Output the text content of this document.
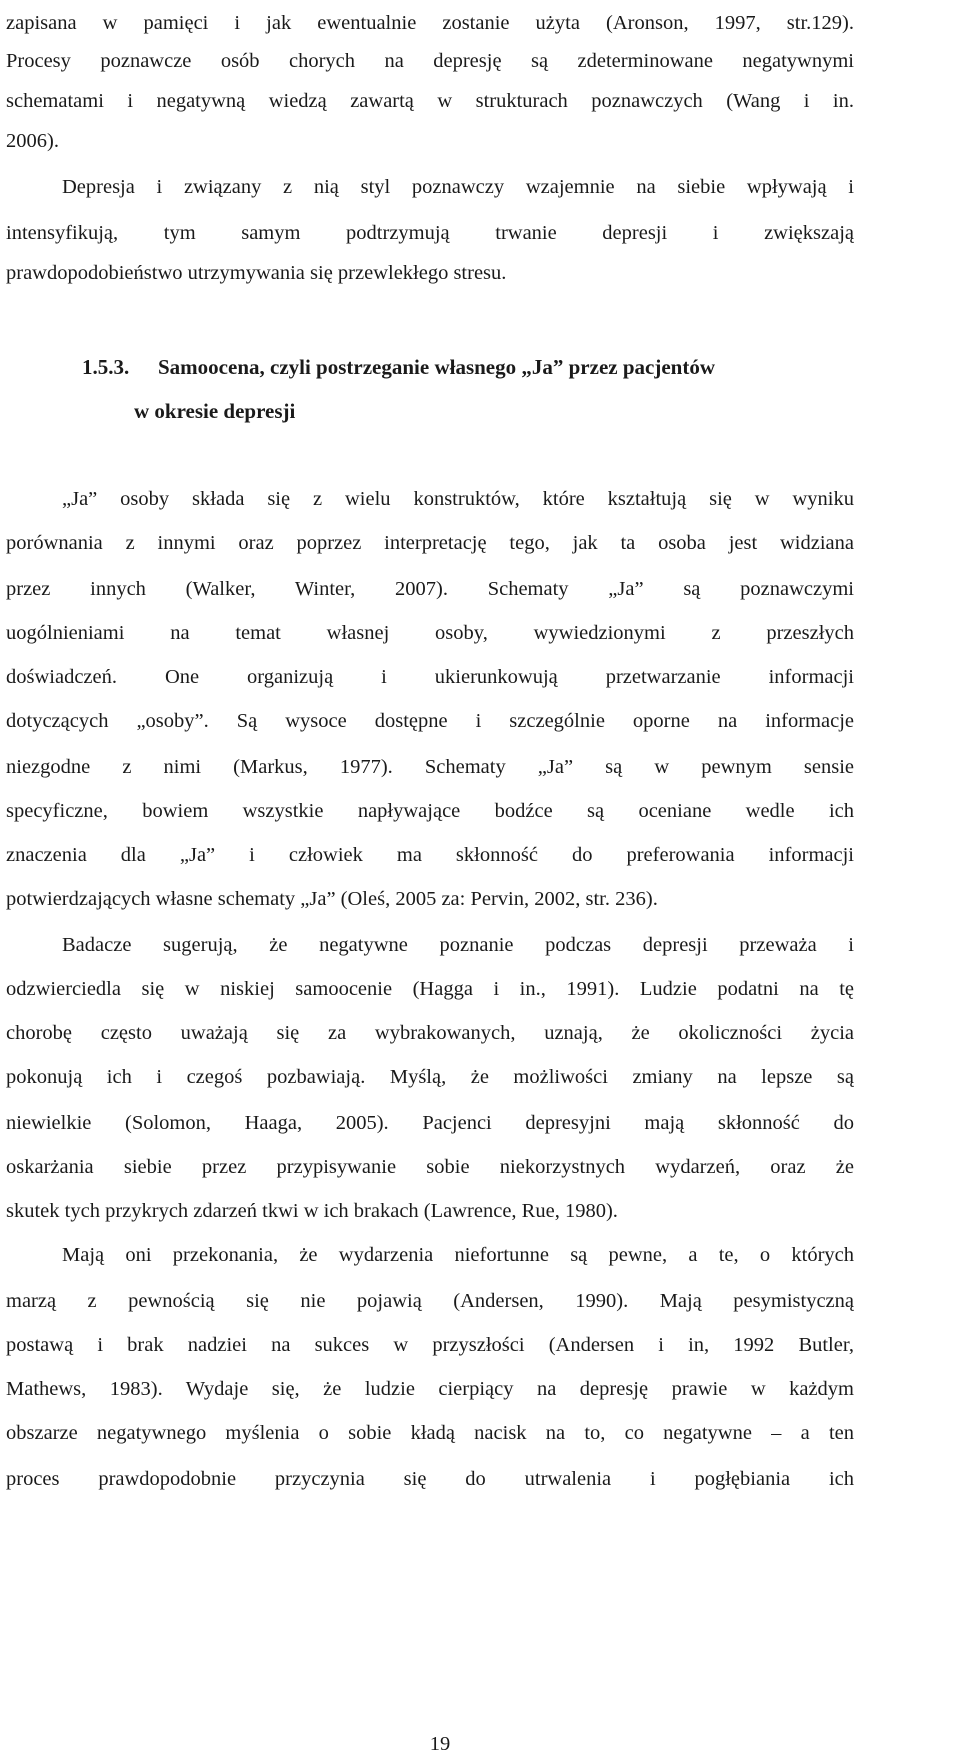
zapisana w pamięci i jak ewentualnie zostanie użyta (Aronson, 1997, str.129).
Procesy poznawcze osób chorych na depresję są zdeterminowane negatywnymi
schematami i negatywną wiedzą zawartą w strukturach poznawczych (Wang i in.
2006).
Depresja i związany z nią styl poznawczy wzajemnie na siebie wpływają i
intensyfikują, tym samym podtrzymują trwanie depresji i zwiększają
prawdopodobieństwo utrzymywania się przewlekłego stresu.
1.5.3. Samoocena, czyli postrzeganie własnego „Ja” przez pacjentów
w okresie depresji
„Ja” osoby składa się z wielu konstruktów, które kształtują się w wyniku
porównania z innymi oraz poprzez interpretację tego, jak ta osoba jest widziana
przez innych (Walker, Winter, 2007). Schematy „Ja” są poznawczymi
uogólnieniami na temat własnej osoby, wywiedzionymi z przeszłych
doświadczeń. One organizują i ukierunkowują przetwarzanie informacji
dotyczących „osoby”. Są wysoce dostępne i szczególnie oporne na informacje
niezgodne z nimi (Markus, 1977). Schematy „Ja” są w pewnym sensie
specyficzne, bowiem wszystkie napływające bodźce są oceniane wedle ich
znaczenia dla „Ja” i człowiek ma skłonność do preferowania informacji
potwierdzających własne schematy „Ja” (Oleś, 2005 za: Pervin, 2002, str. 236).
Badacze sugerują, że negatywne poznanie podczas depresji przeważa i
odzwierciedla się w niskiej samoocenie (Hagga i in., 1991). Ludzie podatni na tę
chorobę często uważają się za wybrakowanych, uznają, że okoliczności życia
pokonują ich i czegoś pozbawiają. Myślą, że możliwości zmiany na lepsze są
niewielkie (Solomon, Haaga, 2005). Pacjenci depresyjni mają skłonność do
oskarżania siebie przez przypisywanie sobie niekorzystnych wydarzeń, oraz że
skutek tych przykrych zdarzeń tkwi w ich brakach (Lawrence, Rue, 1980).
Mają oni przekonania, że wydarzenia niefortunne są pewne, a te, o których
marzą z pewnością się nie pojawią (Andersen, 1990). Mają pesymistyczną
postawą i brak nadziei na sukces w przyszłości (Andersen i in, 1992 Butler,
Mathews, 1983). Wydaje się, że ludzie cierpiący na depresję prawie w każdym
obszarze negatywnego myślenia o sobie kładą nacisk na to, co negatywne – a ten
proces prawdopodobnie przyczynia się do utrwalenia i pogłębiania ich
19
